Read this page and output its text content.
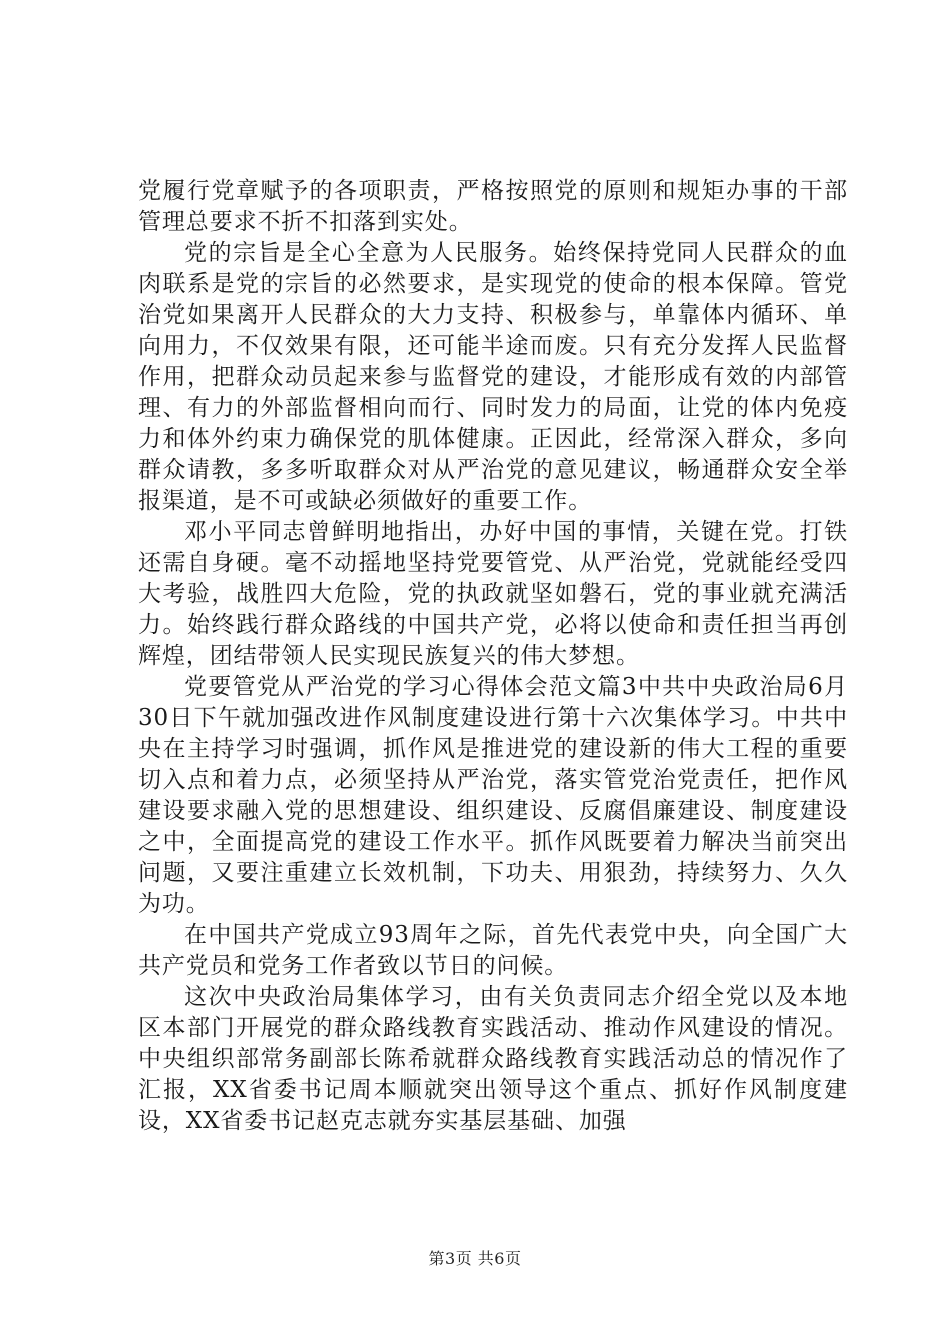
党履行党章赋予的各项职责，严格按照党的原则和规矩办事的干部管理总要求不折不扣落到实处。

党的宗旨是全心全意为人民服务。始终保持党同人民群众的血肉联系是党的宗旨的必然要求，是实现党的使命的根本保障。管党治党如果离开人民群众的大力支持、积极参与，单靠体内循环、单向用力，不仅效果有限，还可能半途而废。只有充分发挥人民监督作用，把群众动员起来参与监督党的建设，才能形成有效的内部管理、有力的外部监督相向而行、同时发力的局面，让党的体内免疫力和体外约束力确保党的肌体健康。正因此，经常深入群众，多向群众请教，多多听取群众对从严治党的意见建议，畅通群众安全举报渠道，是不可或缺必须做好的重要工作。

邓小平同志曾鲜明地指出，办好中国的事情，关键在党。打铁还需自身硬。毫不动摇地坚持党要管党、从严治党，党就能经受四大考验，战胜四大危险，党的执政就坚如磐石，党的事业就充满活力。始终践行群众路线的中国共产党，必将以使命和责任担当再创辉煌，团结带领人民实现民族复兴的伟大梦想。

党要管党从严治党的学习心得体会范文篇3中共中央政治局6月30日下午就加强改进作风制度建设进行第十六次集体学习。中共中央在主持学习时强调，抓作风是推进党的建设新的伟大工程的重要切入点和着力点，必须坚持从严治党，落实管党治党责任，把作风建设要求融入党的思想建设、组织建设、反腐倡廉建设、制度建设之中，全面提高党的建设工作水平。抓作风既要着力解决当前突出问题，又要注重建立长效机制，下功夫、用狠劲，持续努力、久久为功。

在中国共产党成立93周年之际，首先代表党中央，向全国广大共产党员和党务工作者致以节日的问候。

这次中央政治局集体学习，由有关负责同志介绍全党以及本地区本部门开展党的群众路线教育实践活动、推动作风建设的情况。中央组织部常务副部长陈希就群众路线教育实践活动总的情况作了汇报，XX省委书记周本顺就突出领导这个重点、抓好作风制度建设，XX省委书记赵克志就夯实基层基础、加强

第3页 共6页
